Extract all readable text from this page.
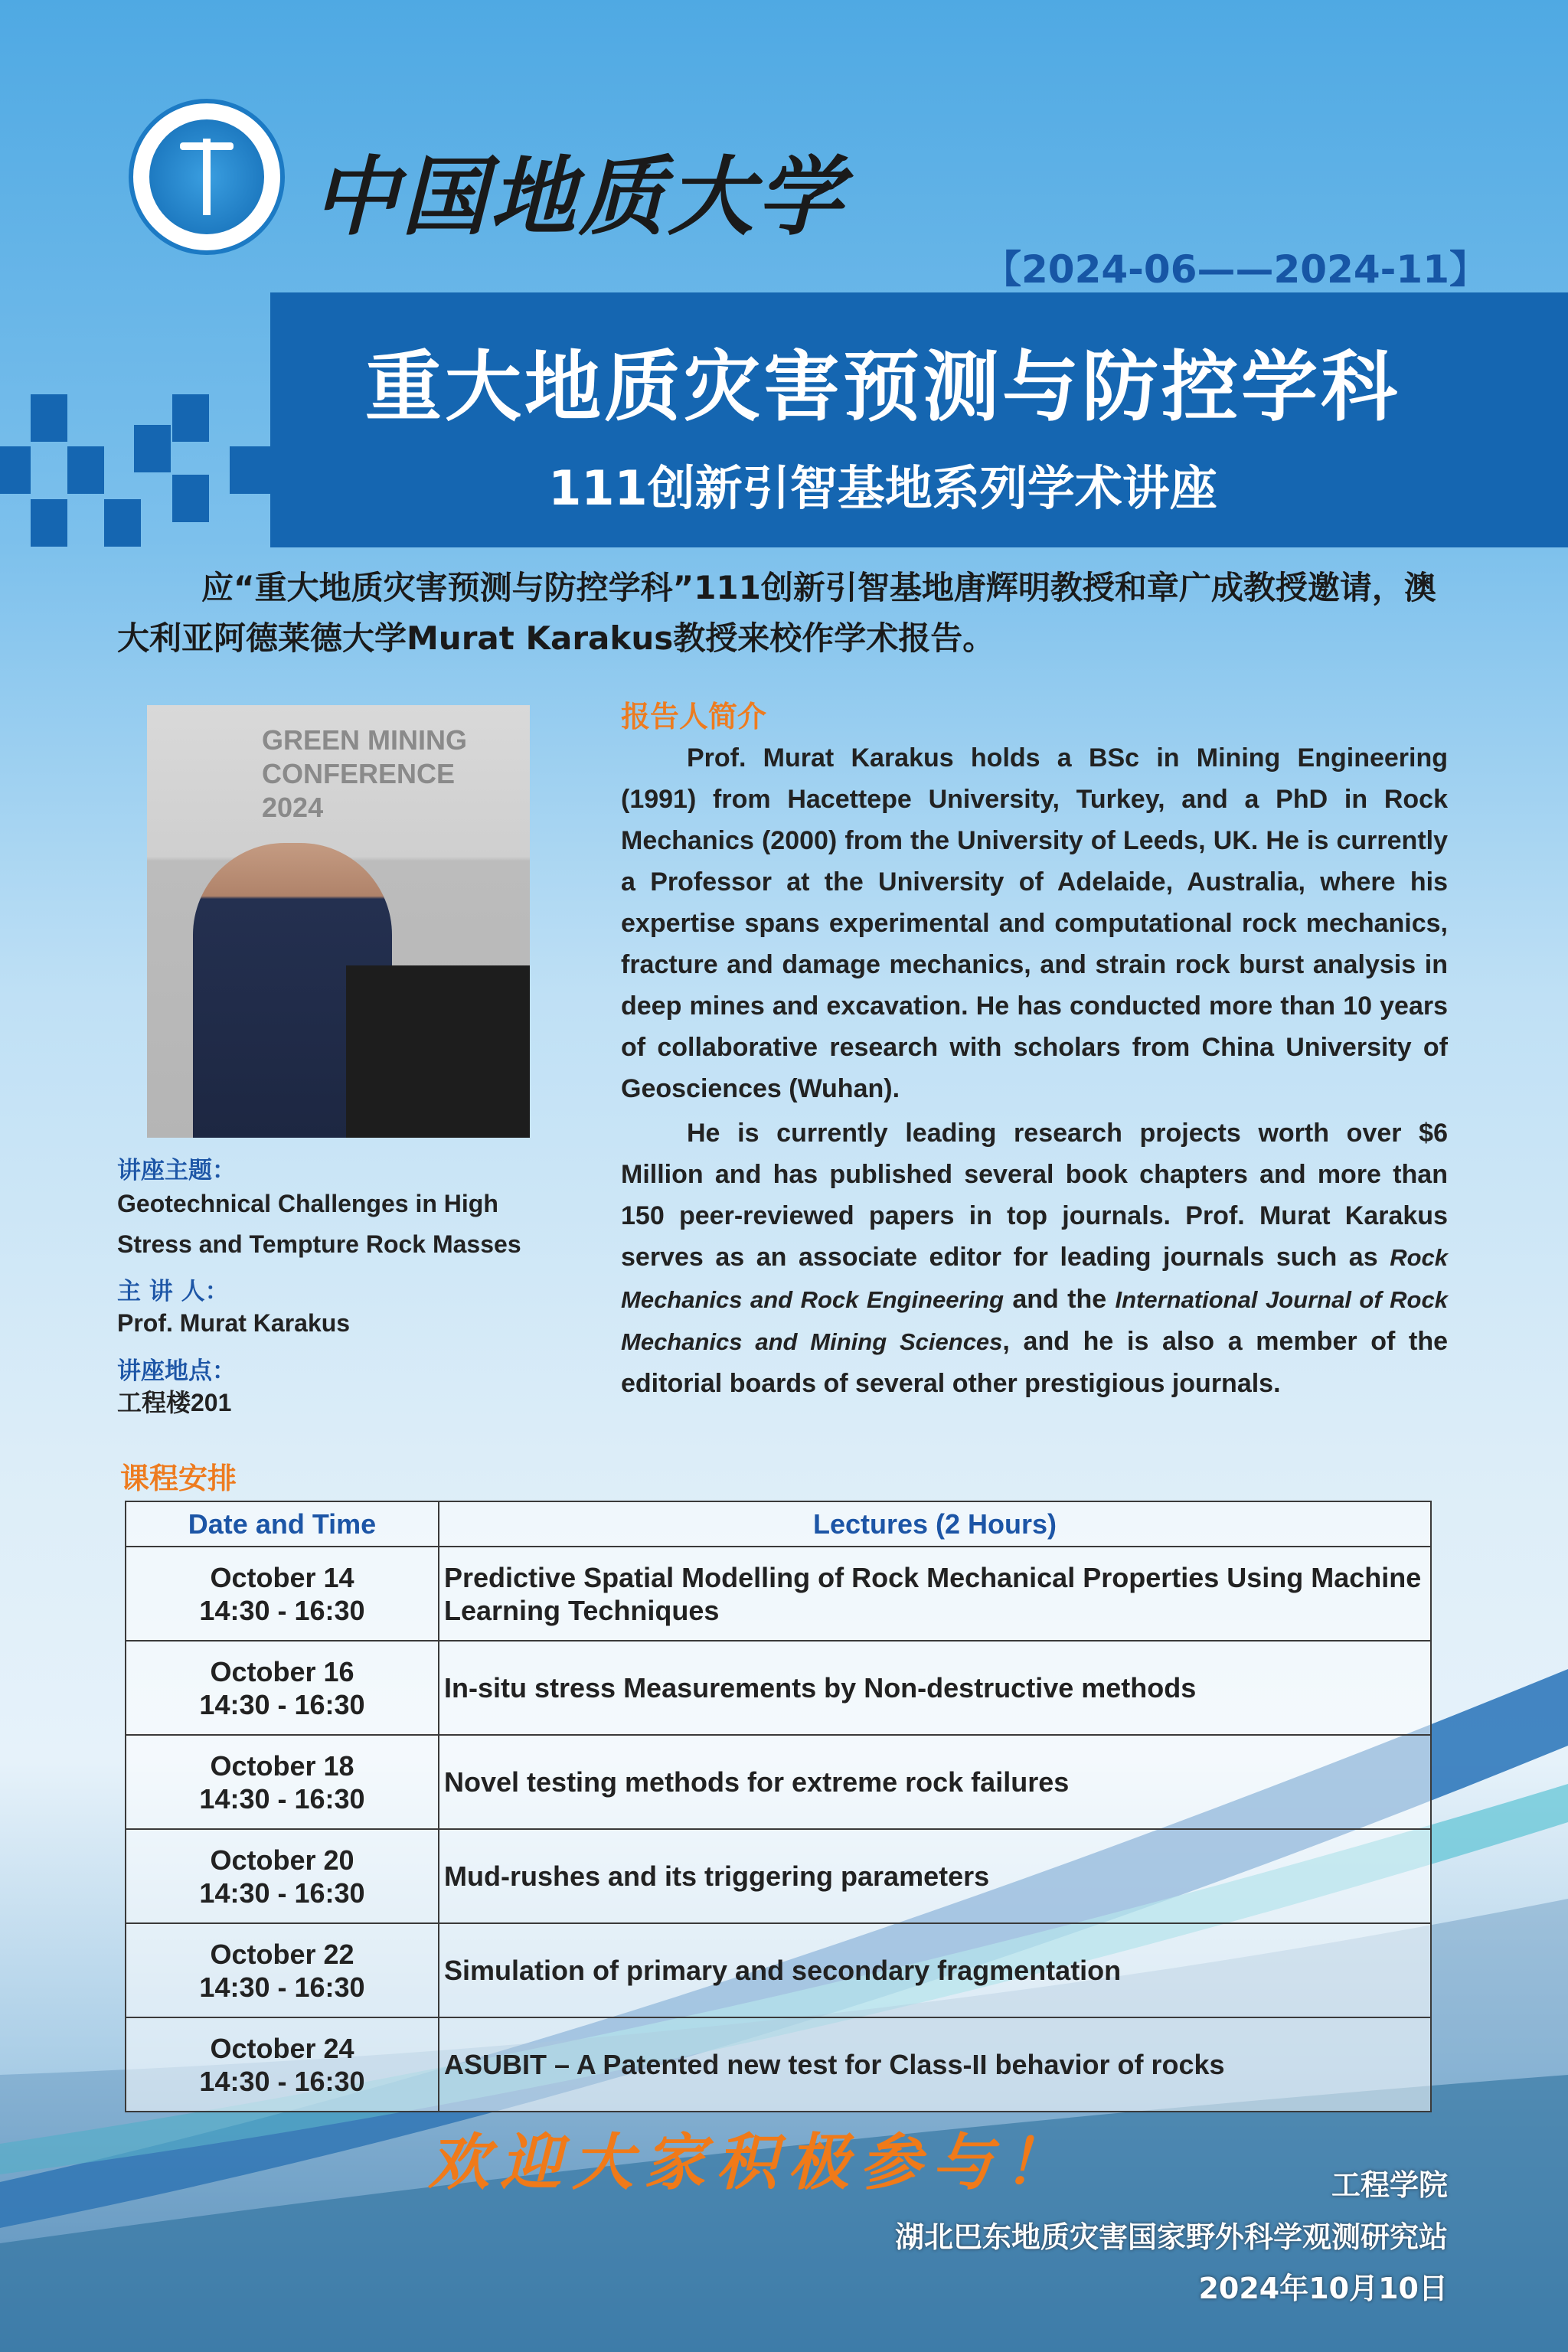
中国地质大学
【2024-06——2024-11】
重大地质灾害预测与防控学科
111创新引智基地系列学术讲座
应“重大地质灾害预测与防控学科”111创新引智基地唐辉明教授和章广成教授邀请，澳大利亚阿德莱德大学Murat Karakus教授来校作学术报告。
GREEN MINING CONFERENCE 2024
讲座主题：
Geotechnical Challenges in High Stress and Tempture Rock Masses
主 讲 人：
Prof. Murat Karakus
讲座地点：
工程楼201
报告人简介

Prof. Murat Karakus holds a BSc in Mining Engineering (1991) from Hacettepe University, Turkey, and a PhD in Rock Mechanics (2000) from the University of Leeds, UK. He is currently a Professor at the University of Adelaide, Australia, where his expertise spans experimental and computational rock mechanics, fracture and damage mechanics, and strain rock burst analysis in deep mines and excavation. He has conducted more than 10 years of collaborative research with scholars from China University of Geosciences (Wuhan).

He is currently leading research projects worth over $6 Million and has published several book chapters and more than 150 peer-reviewed papers in top journals. Prof. Murat Karakus serves as an associate editor for leading journals such as Rock Mechanics and Rock Engineering and the International Journal of Rock Mechanics and Mining Sciences, and he is also a member of the editorial boards of several other prestigious journals.

课程安排
Date and Time	Lectures (2 Hours)

October 14
14:30 - 16:30	Predictive Spatial Modelling of Rock Mechanical Properties Using Machine Learning Techniques

October 16
14:30 - 16:30	In-situ stress Measurements by Non-destructive methods

October 18
14:30 - 16:30	Novel testing methods for extreme rock failures

October 20
14:30 - 16:30	Mud-rushes and its triggering parameters

October 22
14:30 - 16:30	Simulation of primary and secondary fragmentation

October 24
14:30 - 16:30	ASUBIT – A Patented new test for Class-II behavior of rocks
欢迎大家积极参与！	工程学院
湖北巴东地质灾害国家野外科学观测研究站
2024年10月10日
